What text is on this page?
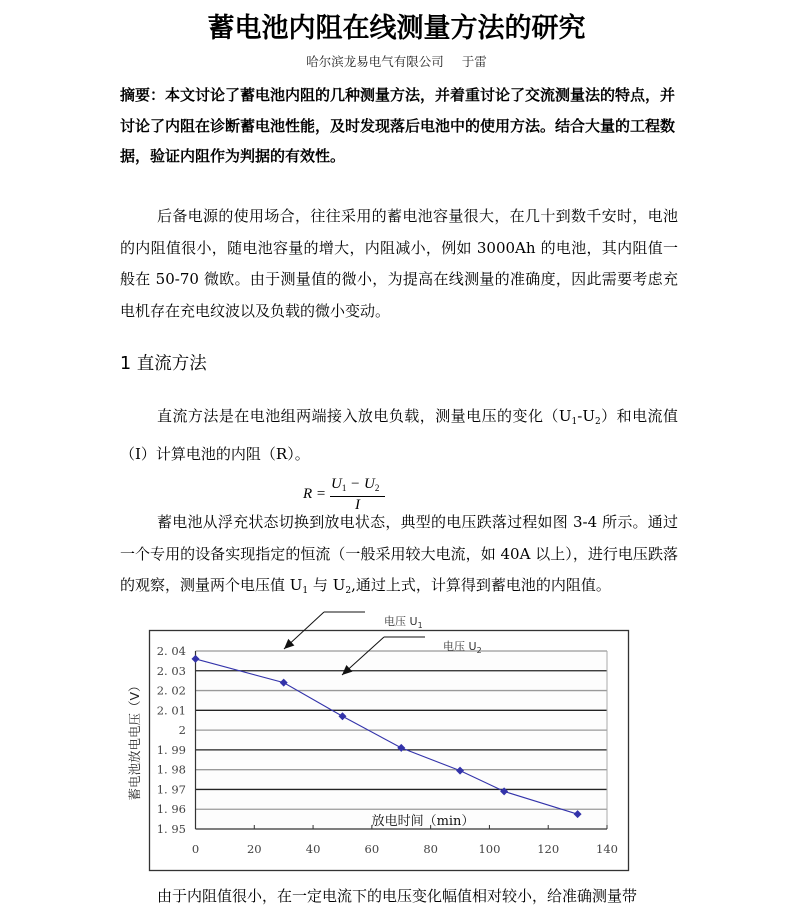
蓄电池内阻在线测量方法的研究
哈尔滨龙易电气有限公司 于雷
摘要：本文讨论了蓄电池内阻的几种测量方法，并着重讨论了交流测量法的特点，并讨论了内阻在诊断蓄电池性能，及时发现落后电池中的使用方法。结合大量的工程数据，验证内阻作为判据的有效性。
后备电源的使用场合，往往采用的蓄电池容量很大，在几十到数千安时，电池的内阻值很小，随电池容量的增大，内阻减小，例如 3000Ah 的电池，其内阻值一般在 50-70 微欧。由于测量值的微小，为提高在线测量的准确度，因此需要考虑充电机存在充电纹波以及负载的微小变动。
1 直流方法
直流方法是在电池组两端接入放电负载，测量电压的变化$(U_1-U_2)$和电流值（I）计算电池的内阻（R）。
R =
$U_1 - U_2$
I
蓄电池从浮充状态切换到放电状态，典型的电压跌落过程如图 3-4 所示。通过一个专用的设备实现指定的恒流（一般采用较大电流，如 40A 以上），进行电压跌落的观察，测量两个电压值 $U_1$ 与 $U_2$,通过上式，计算得到蓄电池的内阻值。
2. 04
2. 03
2. 02
2. 01
2
1. 99
1. 98
1. 97
1. 96
1. 95
0	20	40	60	80	100	120	140
蓄电池放电电压（V）
放电时间（min）
电压 $U_1$
电压 $U_2$
由于内阻值很小，在一定电流下的电压变化幅值相对较小，给准确测量带
